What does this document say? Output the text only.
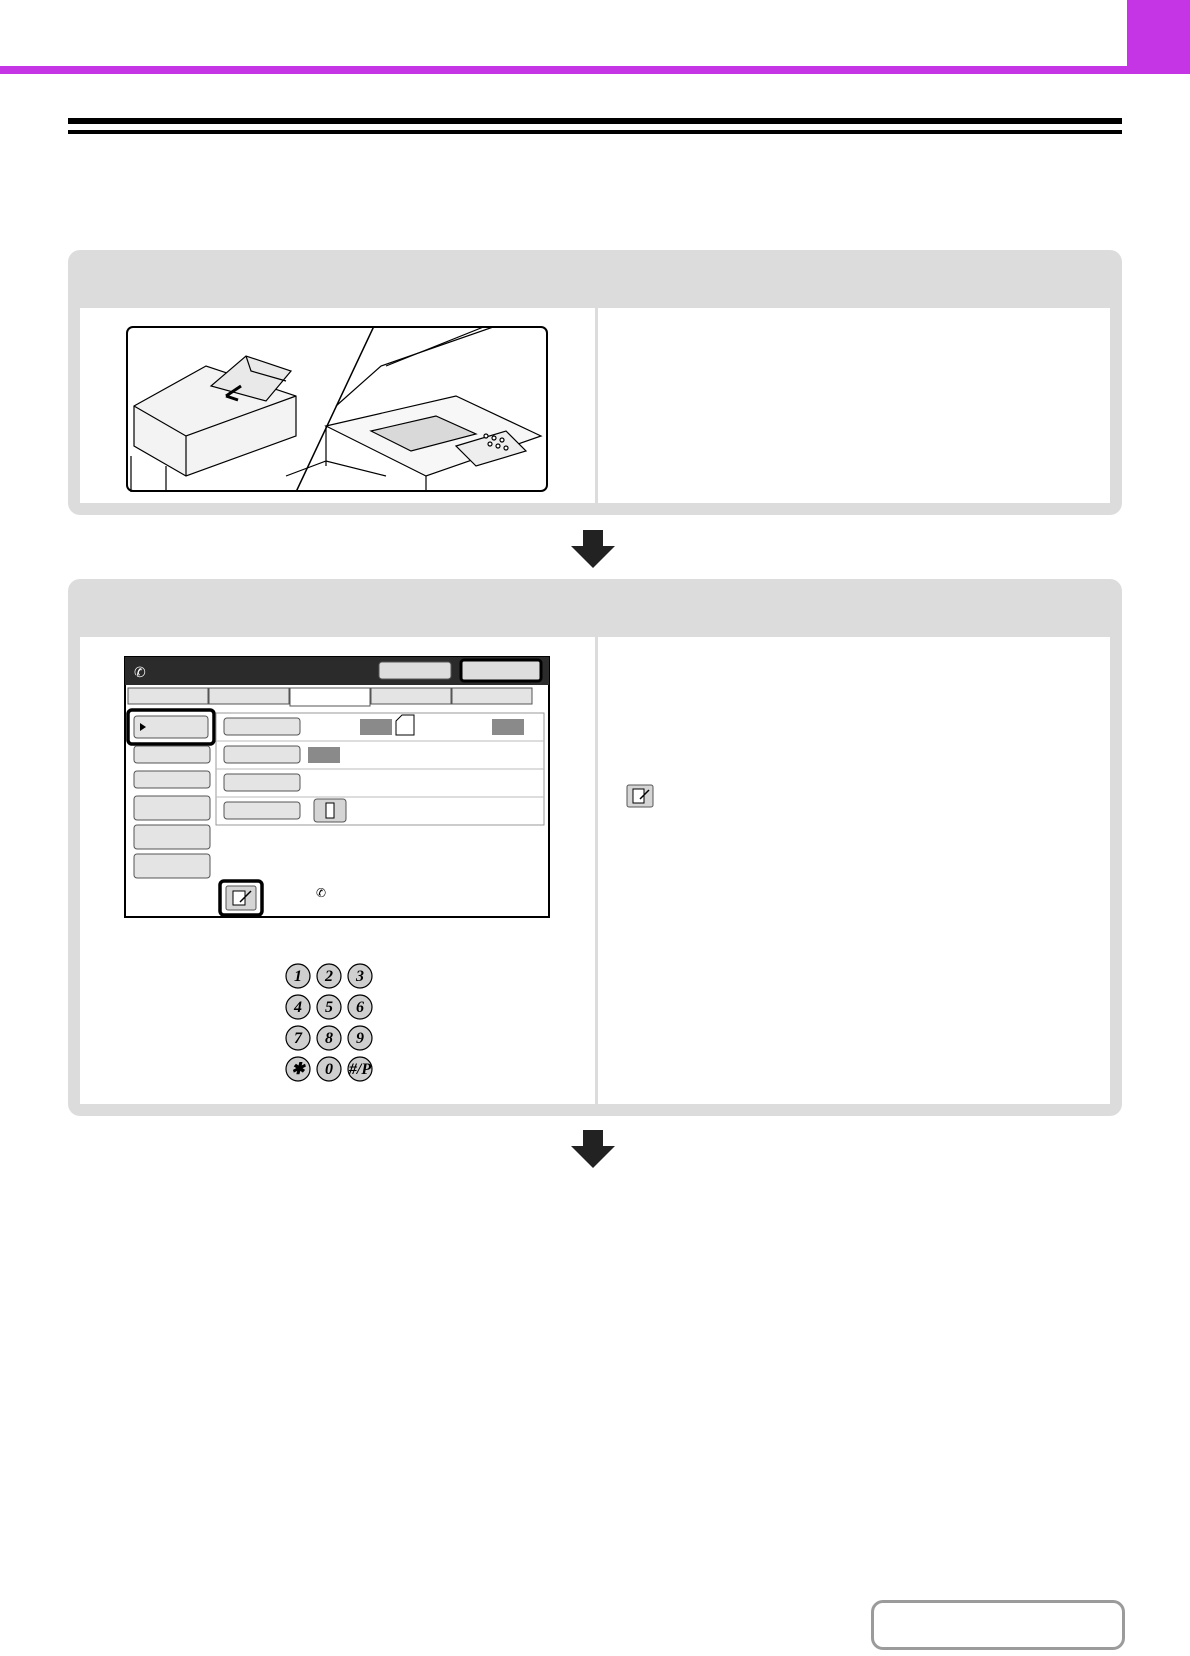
✆
✆
1 2 3
4 5 6
7 8 9
✱ 0 #/P
